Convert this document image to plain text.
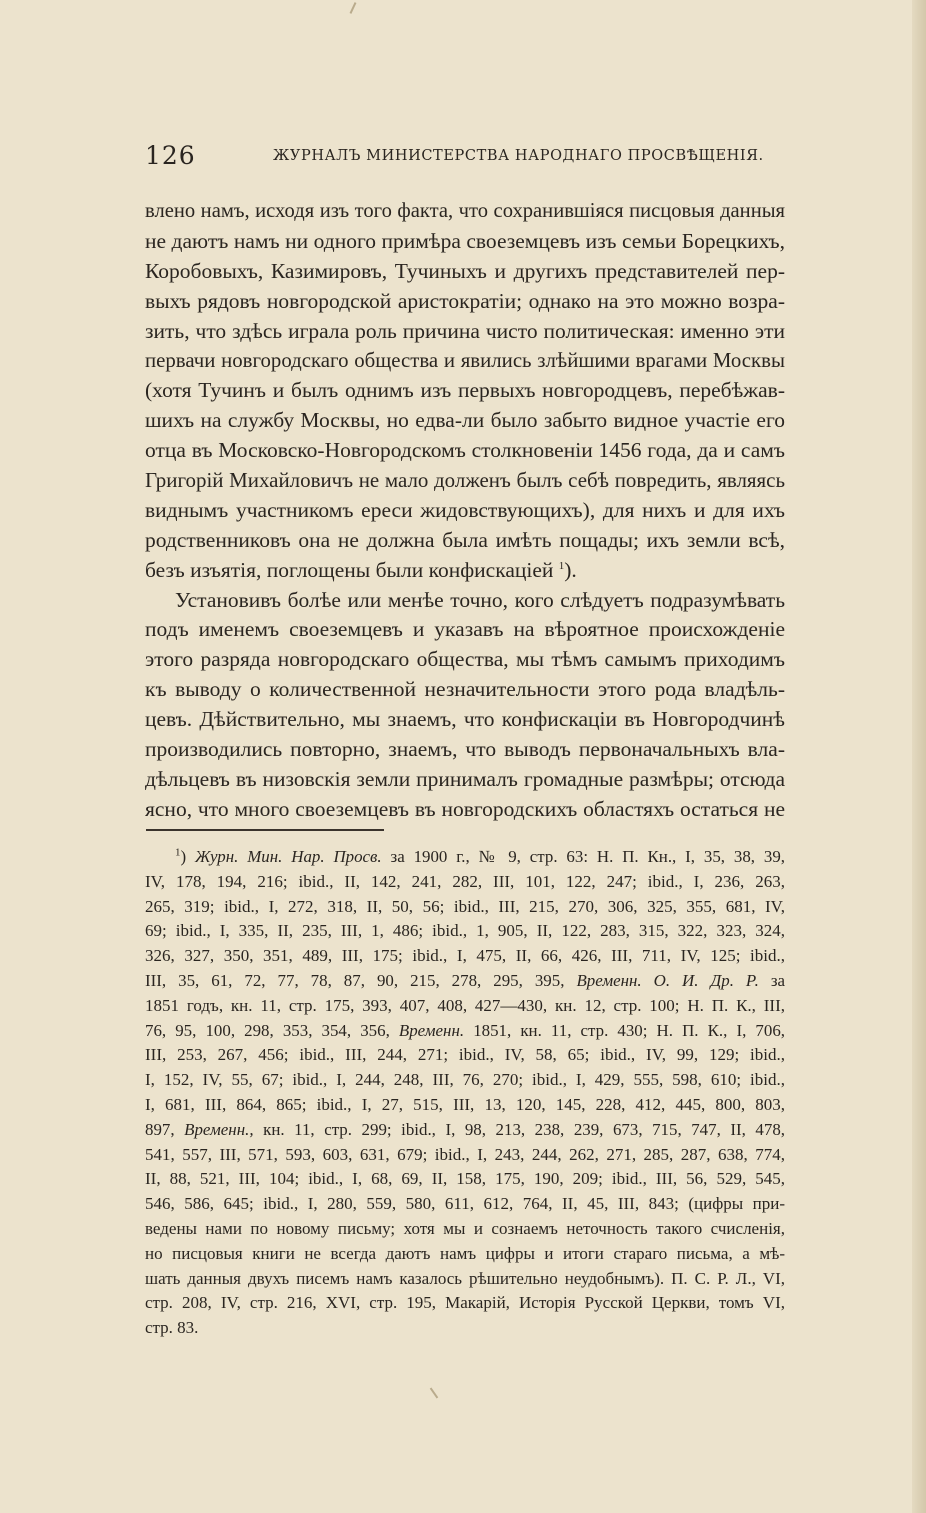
126	ЖУРНАЛЪ МИНИСТЕРСТВА НАРОДНАГО ПРОСВѢЩЕНІЯ.
влено намъ, исходя изъ того факта, что сохранившіяся писцовыя данныя
не даютъ намъ ни одного примѣра своеземцевъ изъ семьи Борецкихъ,
Коробовыхъ, Казимировъ, Тучиныхъ и другихъ представителей пер-
выхъ рядовъ новгородской аристократіи; однако на это можно возра-
зить, что здѣсь играла роль причина чисто политическая: именно эти
первачи новгородскаго общества и явились злѣйшими врагами Москвы
(хотя Тучинъ и былъ однимъ изъ первыхъ новгородцевъ, перебѣжав-
шихъ на службу Москвы, но едва-ли было забыто видное участіе его
отца въ Московско-Новгородскомъ столкновеніи 1456 года, да и самъ
Григорій Михайловичъ не мало долженъ былъ себѣ повредить, являясь
виднымъ участникомъ ереси жидовствующихъ), для нихъ и для ихъ
родственниковъ она не должна была имѣть пощады; ихъ земли всѣ,
безъ изъятія, поглощены были конфискаціей $^1$).
Установивъ болѣе или менѣе точно, кого слѣдуетъ подразумѣвать
подъ именемъ своеземцевъ и указавъ на вѣроятное происхожденіе
этого разряда новгородскаго общества, мы тѣмъ самымъ приходимъ
къ выводу о количественной незначительности этого рода владѣль-
цевъ. Дѣйствительно, мы знаемъ, что конфискаціи въ Новгородчинѣ
производились повторно, знаемъ, что выводъ первоначальныхъ вла-
дѣльцевъ въ низовскія земли принималъ громадные размѣры; отсюда
ясно, что много своеземцевъ въ новгородскихъ областяхъ остаться не
$^1$) Журн. Мин. Нар. Просв. за 1900 г., № 9, стр. 63: Н. П. Кн., I, 35, 38, 39,
IV, 178, 194, 216; ibid., II, 142, 241, 282, III, 101, 122, 247; ibid., I, 236, 263,
265, 319; ibid., I, 272, 318, II, 50, 56; ibid., III, 215, 270, 306, 325, 355, 681, IV,
69; ibid., I, 335, II, 235, III, 1, 486; ibid., 1, 905, II, 122, 283, 315, 322, 323, 324,
326, 327, 350, 351, 489, III, 175; ibid., I, 475, II, 66, 426, III, 711, IV, 125; ibid.,
III, 35, 61, 72, 77, 78, 87, 90, 215, 278, 295, 395, Временн. О. И. Др. Р. за
1851 годъ, кн. 11, стр. 175, 393, 407, 408, 427—430, кн. 12, стр. 100; Н. П. К., III,
76, 95, 100, 298, 353, 354, 356, Временн. 1851, кн. 11, стр. 430; Н. П. К., I, 706,
III, 253, 267, 456; ibid., III, 244, 271; ibid., IV, 58, 65; ibid., IV, 99, 129; ibid.,
I, 152, IV, 55, 67; ibid., I, 244, 248, III, 76, 270; ibid., I, 429, 555, 598, 610; ibid.,
I, 681, III, 864, 865; ibid., I, 27, 515, III, 13, 120, 145, 228, 412, 445, 800, 803,
897, Временн., кн. 11, стр. 299; ibid., I, 98, 213, 238, 239, 673, 715, 747, II, 478,
541, 557, III, 571, 593, 603, 631, 679; ibid., I, 243, 244, 262, 271, 285, 287, 638, 774,
II, 88, 521, III, 104; ibid., I, 68, 69, II, 158, 175, 190, 209; ibid., III, 56, 529, 545,
546, 586, 645; ibid., I, 280, 559, 580, 611, 612, 764, II, 45, III, 843; (цифры при-
ведены нами по новому письму; хотя мы и сознаемъ неточность такого счисленія,
но писцовыя книги не всегда даютъ намъ цифры и итоги стараго письма, а мѣ-
шать данныя двухъ писемъ намъ казалось рѣшительно неудобнымъ). П. С. Р. Л., VI,
стр. 208, IV, стр. 216, XVI, стр. 195, Макарій, Исторія Русской Церкви, томъ VI,
стр. 83.
